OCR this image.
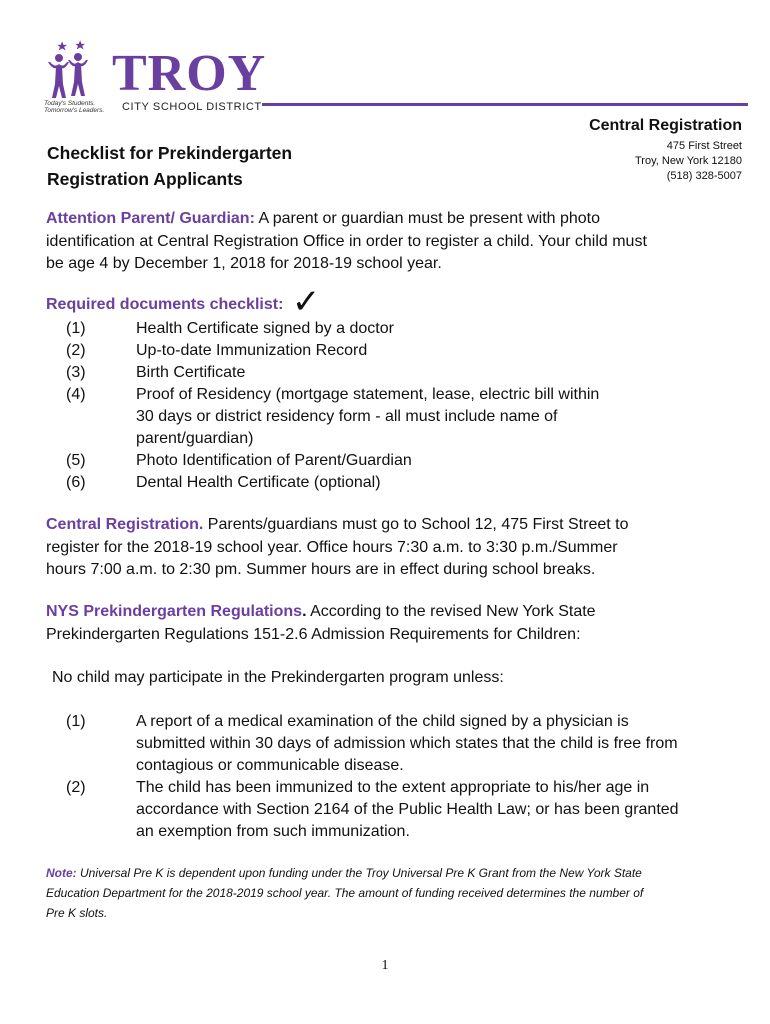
Today's Students.
Tomorrow's Leaders.
TROY
CITY SCHOOL DISTRICT
Central Registration
475 First Street
Troy, New York 12180
(518) 328-5007
Checklist for Prekindergarten
Registration Applicants
Attention Parent/ Guardian: A parent or guardian must be present with photo
identification at Central Registration Office in order to register a child. Your child must
be age 4 by December 1, 2018 for 2018-19 school year.
Required documents checklist: ✓
(1)	Health Certificate signed by a doctor
(2)	Up-to-date Immunization Record
(3)	Birth Certificate
(4)	Proof of Residency (mortgage statement, lease, electric bill within
30 days or district residency form - all must include name of
parent/guardian)
(5)	Photo Identification of Parent/Guardian
(6)	Dental Health Certificate (optional)
Central Registration. Parents/guardians must go to School 12, 475 First Street to
register for the 2018-19 school year. Office hours 7:30 a.m. to 3:30 p.m./Summer
hours 7:00 a.m. to 2:30 pm. Summer hours are in effect during school breaks.
NYS Prekindergarten Regulations. According to the revised New York State
Prekindergarten Regulations 151-2.6 Admission Requirements for Children:
No child may participate in the Prekindergarten program unless:
(1)	A report of a medical examination of the child signed by a physician is
submitted within 30 days of admission which states that the child is free from
contagious or communicable disease.
(2)	The child has been immunized to the extent appropriate to his/her age in
accordance with Section 2164 of the Public Health Law; or has been granted
an exemption from such immunization.
Note: Universal Pre K is dependent upon funding under the Troy Universal Pre K Grant from the New York State
Education Department for the 2018-2019 school year. The amount of funding received determines the number of
Pre K slots.
1
